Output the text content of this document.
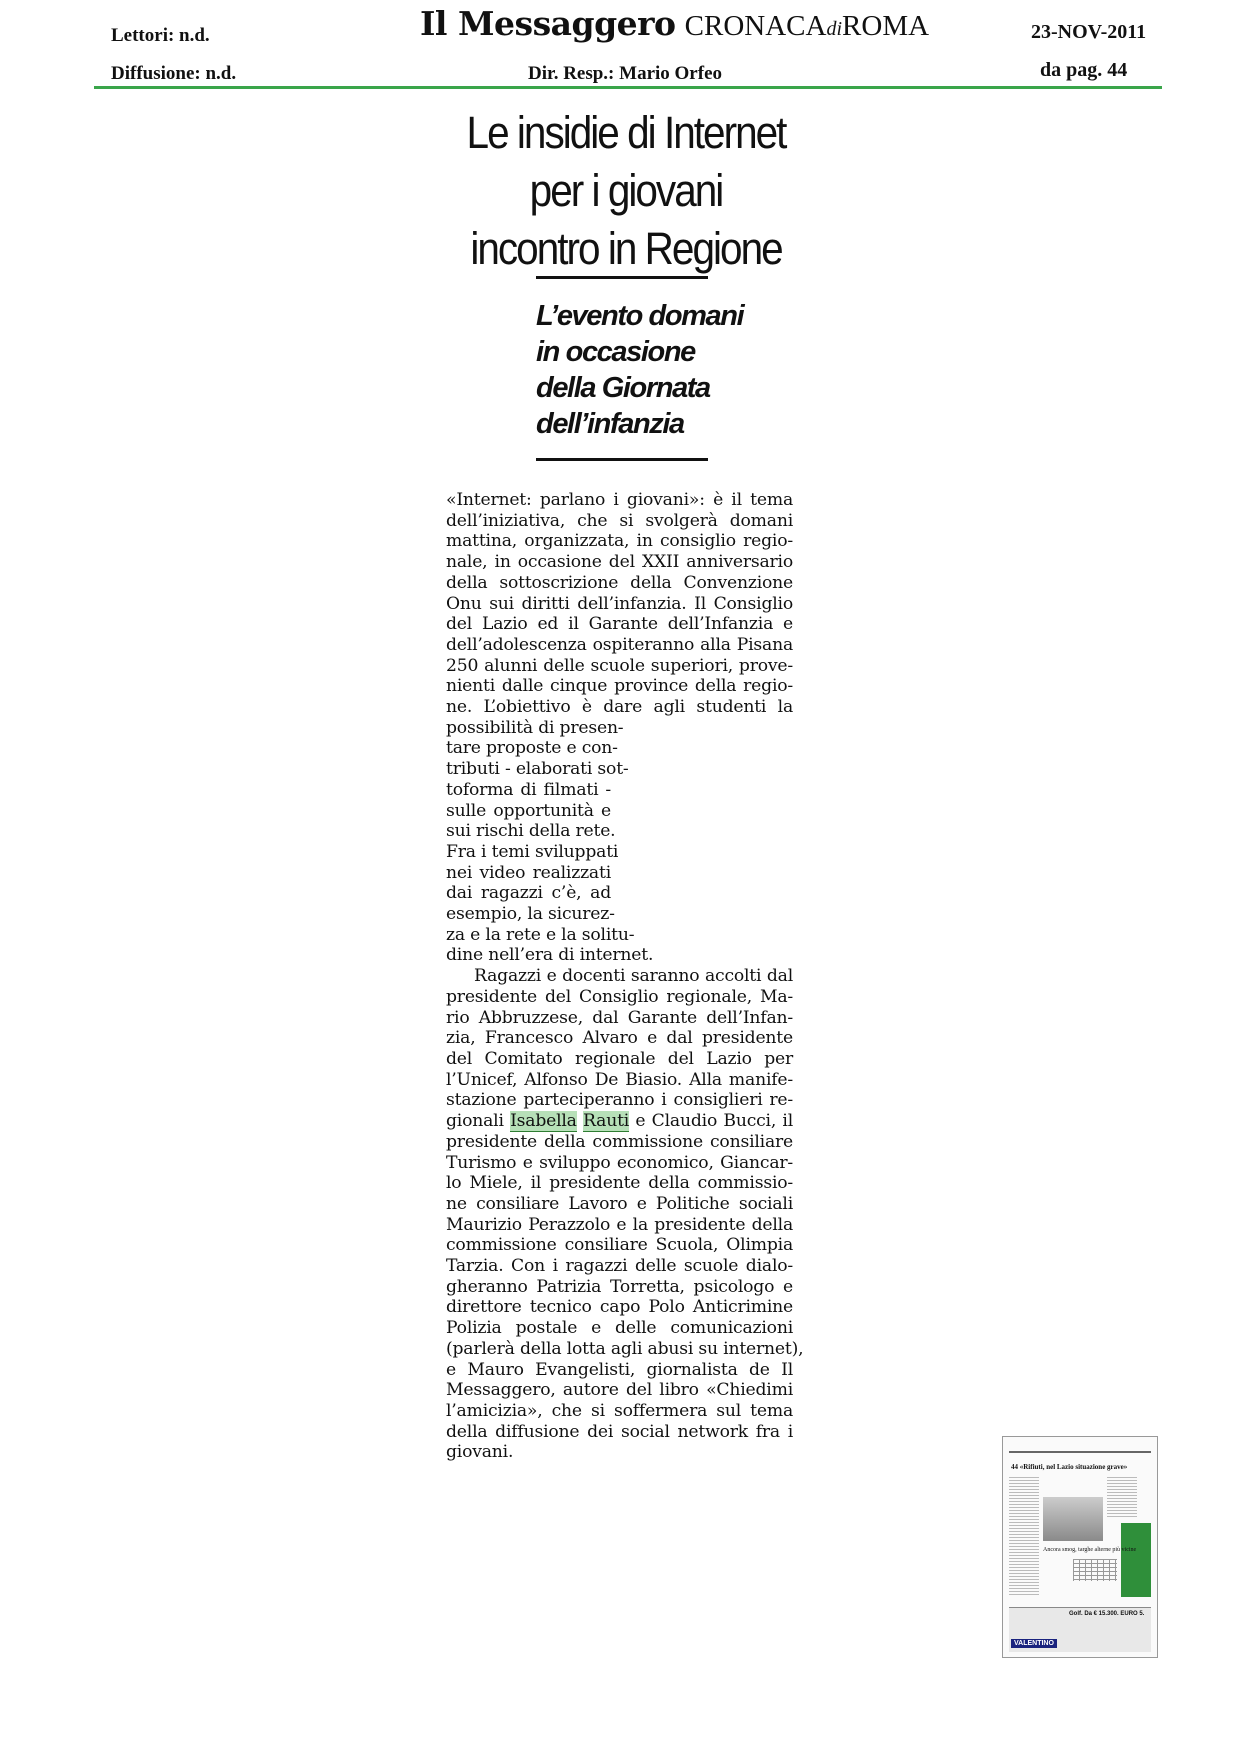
Lettori: n.d.
Diffusione: n.d.
Il Messaggero CRONACAdiROMA
Dir. Resp.: Mario Orfeo
23-NOV-2011
da pag. 44
Le insidie di Internet
per i giovani
incontro in Regione
L’evento domani
in occasione
della Giornata
dell’infanzia
«Internet: parlano i giovani»: è il tema
dell’iniziativa, che si svolgerà domani
mattina, organizzata, in consiglio regio-
nale, in occasione del XXII anniversario
della sottoscrizione della Convenzione
Onu sui diritti dell’infanzia. Il Consiglio
del Lazio ed il Garante dell’Infanzia e
dell’adolescenza ospiteranno alla Pisana
250 alunni delle scuole superiori, prove-
nienti dalle cinque province della regio-
ne. L’obiettivo è dare agli studenti la
possibilità di presen-
tare proposte e con-
tributi - elaborati sot-
toforma di filmati -
sulle opportunità e
sui rischi della rete.
Fra i temi sviluppati
nei video realizzati
dai ragazzi c’è, ad
esempio, la sicurez-
za e la rete e la solitu-
dine nell’era di internet.
Ragazzi e docenti saranno accolti dal
presidente del Consiglio regionale, Ma-
rio Abbruzzese, dal Garante dell’Infan-
zia, Francesco Alvaro e dal presidente
del Comitato regionale del Lazio per
l’Unicef, Alfonso De Biasio. Alla manife-
stazione parteciperanno i consiglieri re-
gionali Isabella Rauti e Claudio Bucci, il
presidente della commissione consiliare
Turismo e sviluppo economico, Giancar-
lo Miele, il presidente della commissio-
ne consiliare Lavoro e Politiche sociali
Maurizio Perazzolo e la presidente della
commissione consiliare Scuola, Olimpia
Tarzia. Con i ragazzi delle scuole dialo-
gheranno Patrizia Torretta, psicologo e
direttore tecnico capo Polo Anticrimine
Polizia postale e delle comunicazioni
(parlerà della lotta agli abusi su internet),
e Mauro Evangelisti, giornalista de Il
Messaggero, autore del libro «Chiedimi
l’amicizia», che si soffermera sul tema
della diffusione dei social network fra i
giovani.
44 «Rifiuti, nel Lazio situazione grave»
Ancora smog, targhe alterne più vicine
Golf. Da € 15.300. EURO 5.
VALENTINO
